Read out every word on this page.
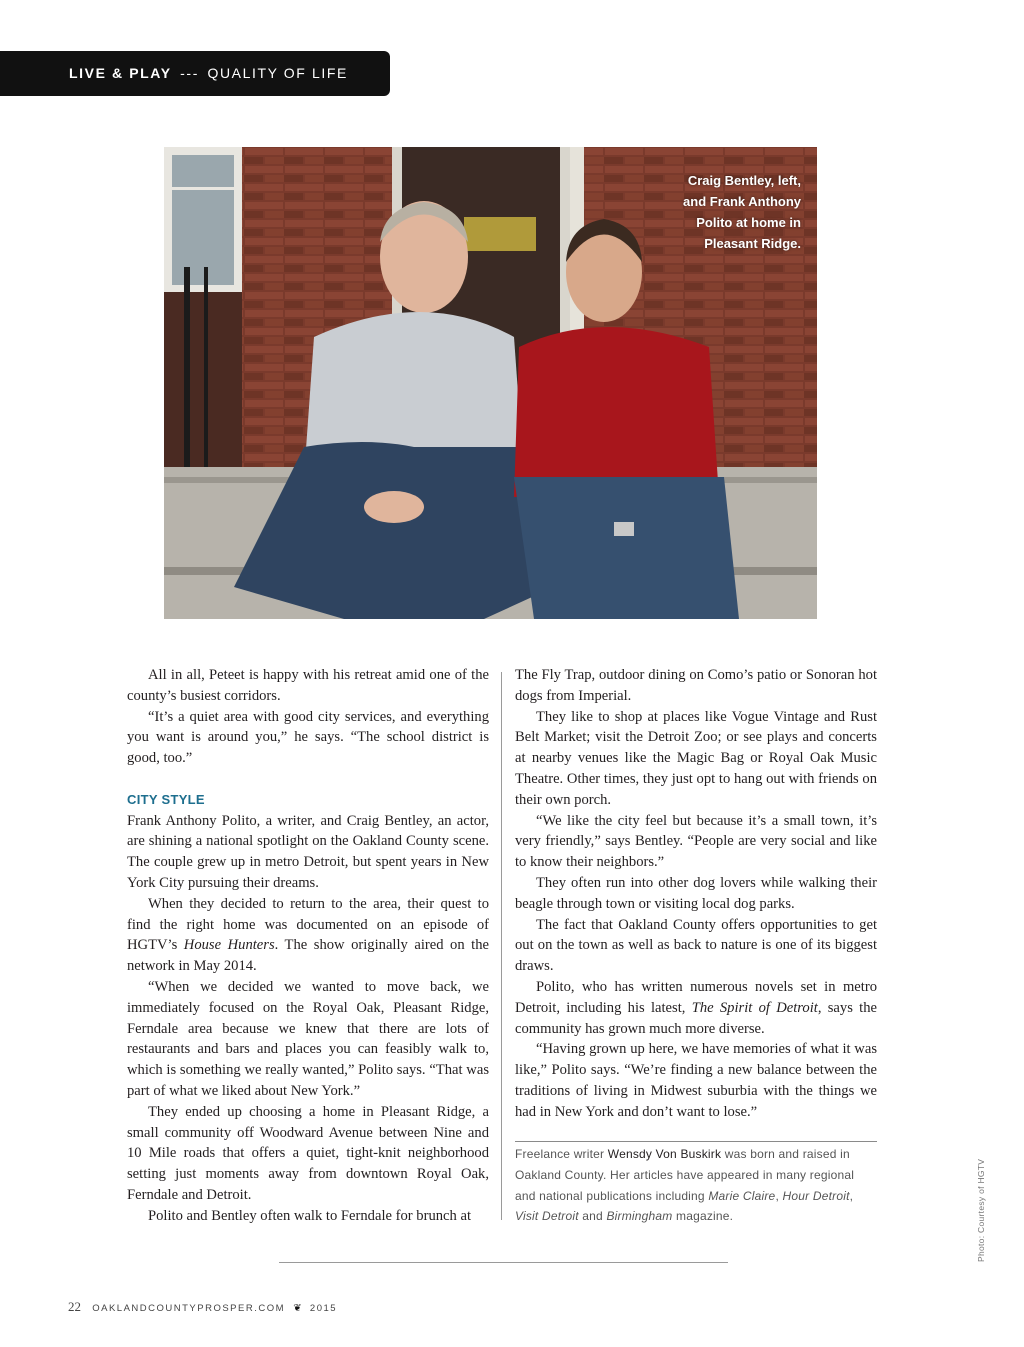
LIVE & PLAY --- QUALITY OF LIFE
Craig Bentley, left,
and Frank Anthony
Polito at home in
Pleasant Ridge.

All in all, Peteet is happy with his retreat amid one of the county’s busiest corridors.

“It’s a quiet area with good city services, and everything you want is around you,” he says. “The school district is good, too.”

CITY STYLE

Frank Anthony Polito, a writer, and Craig Bentley, an actor, are shining a national spotlight on the Oakland County scene. The couple grew up in metro Detroit, but spent years in New York City pursuing their dreams.

When they decided to return to the area, their quest to find the right home was documented on an episode of HGTV’s House Hunters. The show originally aired on the network in May 2014.

“When we decided we wanted to move back, we immediately focused on the Royal Oak, Pleasant Ridge, Ferndale area because we knew that there are lots of restaurants and bars and places you can feasibly walk to, which is something we really wanted,” Polito says. “That was part of what we liked about New York.”

They ended up choosing a home in Pleasant Ridge, a small community off Woodward Avenue between Nine and 10 Mile roads that offers a quiet, tight-knit neighborhood setting just moments away from downtown Royal Oak, Ferndale and Detroit.

Polito and Bentley often walk to Ferndale for brunch at

The Fly Trap, outdoor dining on Como’s patio or Sonoran hot dogs from Imperial.

They like to shop at places like Vogue Vintage and Rust Belt Market; visit the Detroit Zoo; or see plays and concerts at nearby venues like the Magic Bag or Royal Oak Music Theatre. Other times, they just opt to hang out with friends on their own porch.

“We like the city feel but because it’s a small town, it’s very friendly,” says Bentley. “People are very social and like to know their neighbors.”

They often run into other dog lovers while walking their beagle through town or visiting local dog parks.

The fact that Oakland County offers opportunities to get out on the town as well as back to nature is one of its biggest draws.

Polito, who has written numerous novels set in metro Detroit, including his latest, The Spirit of Detroit, says the community has grown much more diverse.

“Having grown up here, we have memories of what it was like,” Polito says. “We’re finding a new balance between the traditions of living in Midwest suburbia with the things we had in New York and don’t want to lose.”

Freelance writer Wensdy Von Buskirk was born and raised in Oakland County. Her articles have appeared in many regional and national publications including Marie Claire, Hour Detroit, Visit Detroit and Birmingham magazine.	Photo: Courtesy of HGTV
22 OAKLANDCOUNTYPROSPER.COM ❦ 2015
